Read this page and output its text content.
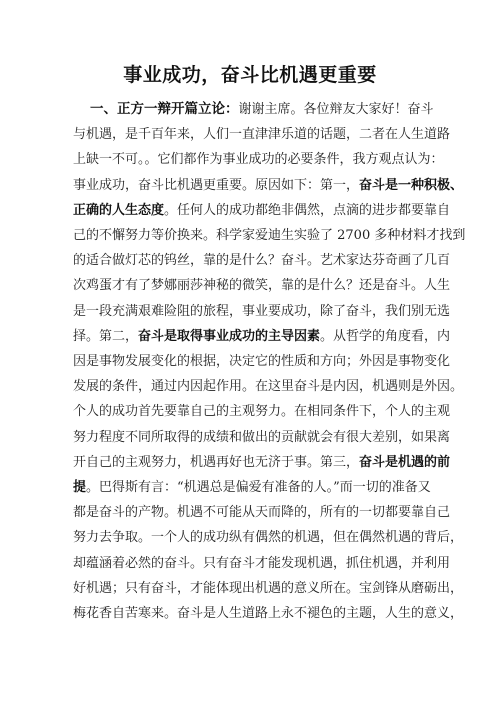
事业成功，奋斗比机遇更重要
一、正方一辩开篇立论：谢谢主席。各位辩友大家好！奋斗
与机遇，是千百年来，人们一直津津乐道的话题，二者在人生道路
上缺一不可。。它们都作为事业成功的必要条件，我方观点认为：
事业成功，奋斗比机遇更重要。原因如下：第一，奋斗是一种积极、
正确的人生态度。任何人的成功都绝非偶然，点滴的进步都要靠自
己的不懈努力等价换来。科学家爱迪生实验了 2700 多种材料才找到
的适合做灯芯的钨丝，靠的是什么？奋斗。艺术家达芬奇画了几百
次鸡蛋才有了梦娜丽莎神秘的微笑，靠的是什么？还是奋斗。人生
是一段充满艰难险阻的旅程，事业要成功，除了奋斗，我们别无选
择。第二，奋斗是取得事业成功的主导因素。从哲学的角度看，内
因是事物发展变化的根据，决定它的性质和方向；外因是事物变化
发展的条件，通过内因起作用。在这里奋斗是内因，机遇则是外因。
个人的成功首先要靠自己的主观努力。在相同条件下，个人的主观
努力程度不同所取得的成绩和做出的贡献就会有很大差别，如果离
开自己的主观努力，机遇再好也无济于事。第三，奋斗是机遇的前
提。巴得斯有言：“机遇总是偏爱有准备的人。”而一切的准备又
都是奋斗的产物。机遇不可能从天而降的，所有的一切都要靠自己
努力去争取。一个人的成功纵有偶然的机遇，但在偶然机遇的背后，
却蕴涵着必然的奋斗。只有奋斗才能发现机遇，抓住机遇，并利用
好机遇；只有奋斗，才能体现出机遇的意义所在。宝剑锋从磨砺出，
梅花香自苦寒来。奋斗是人生道路上永不褪色的主题，人生的意义，
